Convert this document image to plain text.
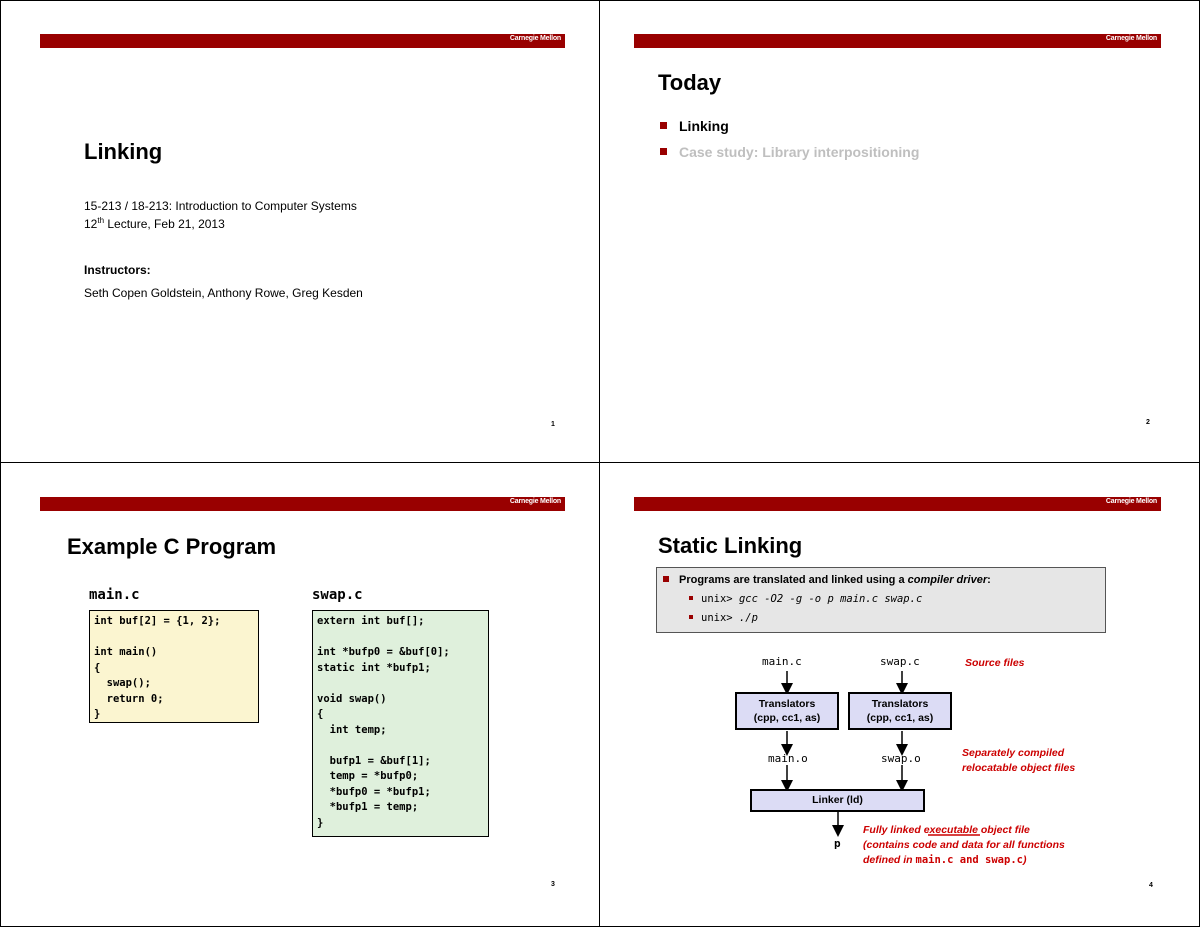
Carnegie Mellon
Linking
15-213 / 18-213: Introduction to Computer Systems
12th Lecture, Feb 21, 2013
Instructors:
Seth Copen Goldstein, Anthony Rowe, Greg Kesden
1
Carnegie Mellon
Today
Linking
Case study: Library interpositioning
2
Carnegie Mellon
Example C Program
main.c	swap.c
int buf[2] = {1, 2};

int main()
{
swap();
return 0;
}
extern int buf[];

int *bufp0 = &buf[0];
static int *bufp1;

void swap()
{
int temp;

bufp1 = &buf[1];
temp = *bufp0;
*bufp0 = *bufp1;
*bufp1 = temp;
}
3
Carnegie Mellon
Static Linking
Programs are translated and linked using a compiler driver:
unix> gcc -O2 -g -o p main.c swap.c
unix> ./p
main.c	swap.c	Source files
Translators
(cpp, cc1, as)
Translators
(cpp, cc1, as)
main.o	swap.o	Separately compiled
relocatable object files
Linker (ld)
p
Fully linked executable object file
(contains code and data for all functions
defined in main.c and swap.c)
4
